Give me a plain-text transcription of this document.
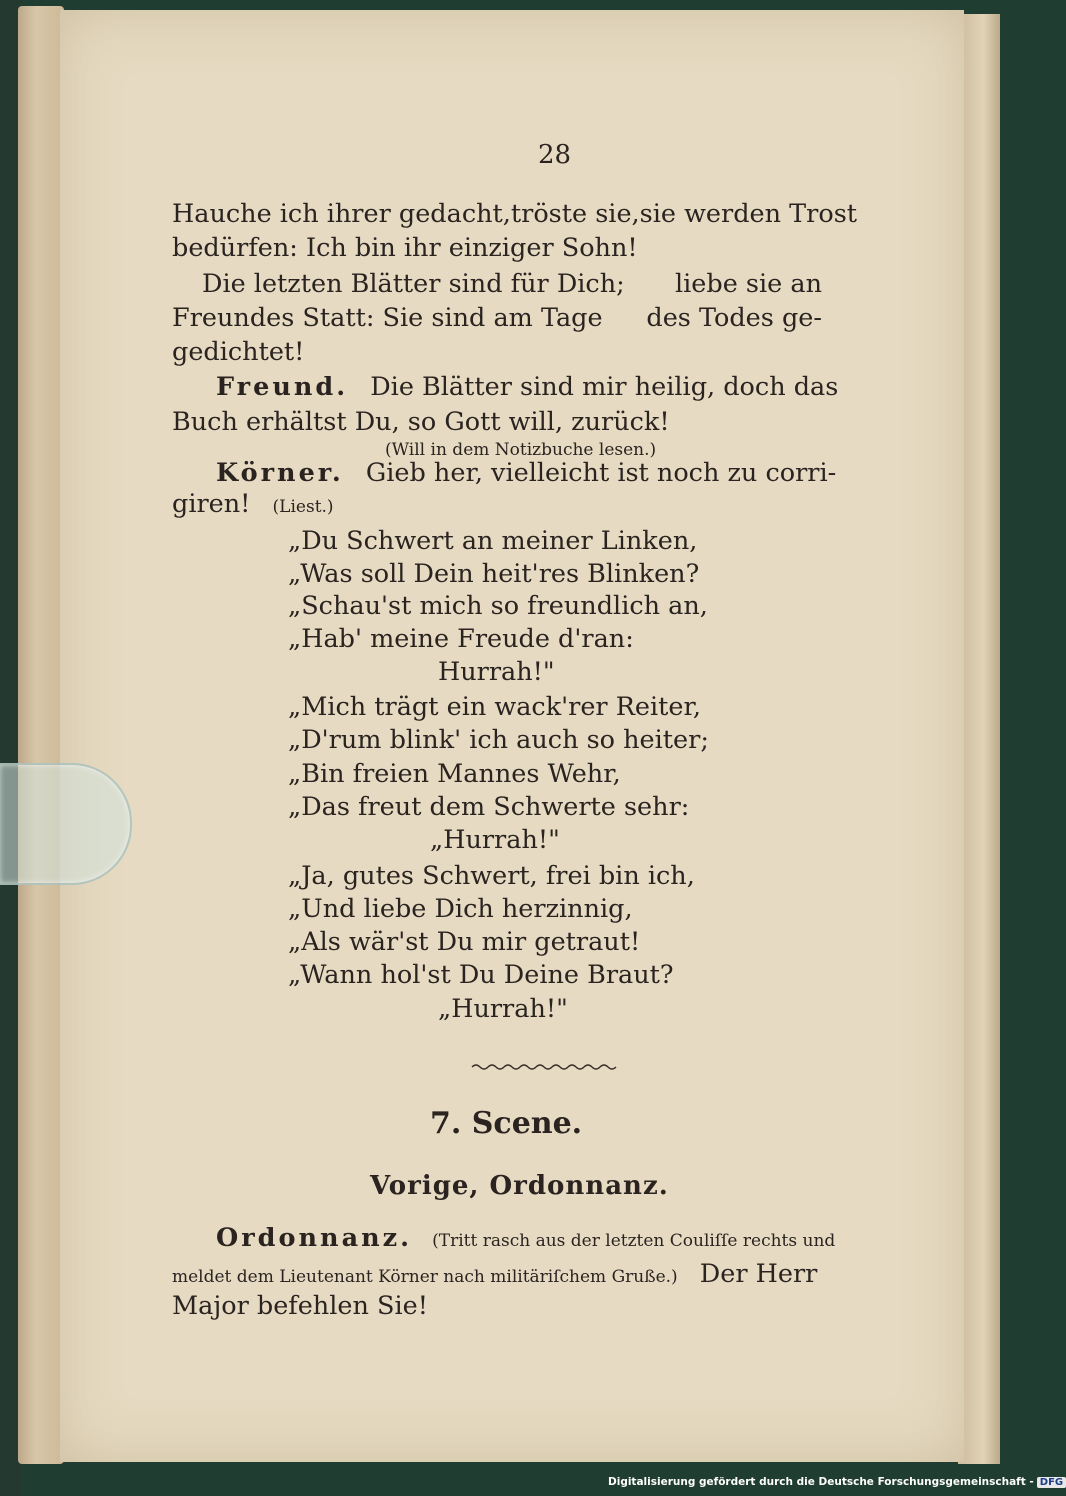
28
Hauche ich ihrer gedacht, tröste sie, sie werden Trost
bedürfen: Ich bin ihr einziger Sohn!
Die letzten Blätter sind für Dich; liebe sie an
Freundes Statt: Sie sind am Tage des Todes ge-
gedichtet!
Freund. Die Blätter sind mir heilig, doch das
Buch erhältst Du, so Gott will, zurück!
(Will in dem Notizbuche lesen.)
Körner. Gieb her, vielleicht ist noch zu corri-
giren! (Liest.)
„Du Schwert an meiner Linken,
„Was soll Dein heit'res Blinken?
„Schau'st mich so freundlich an,
„Hab' meine Freude d'ran:
Hurrah!"
„Mich trägt ein wack'rer Reiter,
„D'rum blink' ich auch so heiter;
„Bin freien Mannes Wehr,
„Das freut dem Schwerte sehr:
„Hurrah!"
„Ja, gutes Schwert, frei bin ich,
„Und liebe Dich herzinnig,
„Als wär'st Du mir getraut!
„Wann hol'st Du Deine Braut?
„Hurrah!"
7. Scene.
Vorige, Ordonnanz.
Ordonnanz. (Tritt rasch aus der letzten Couliſſe rechts und
meldet dem Lieutenant Körner nach militäriſchem Gruße.) Der Herr
Major befehlen Sie!
Digitalisierung gefördert durch die Deutsche Forschungsgemeinschaft - DFG
